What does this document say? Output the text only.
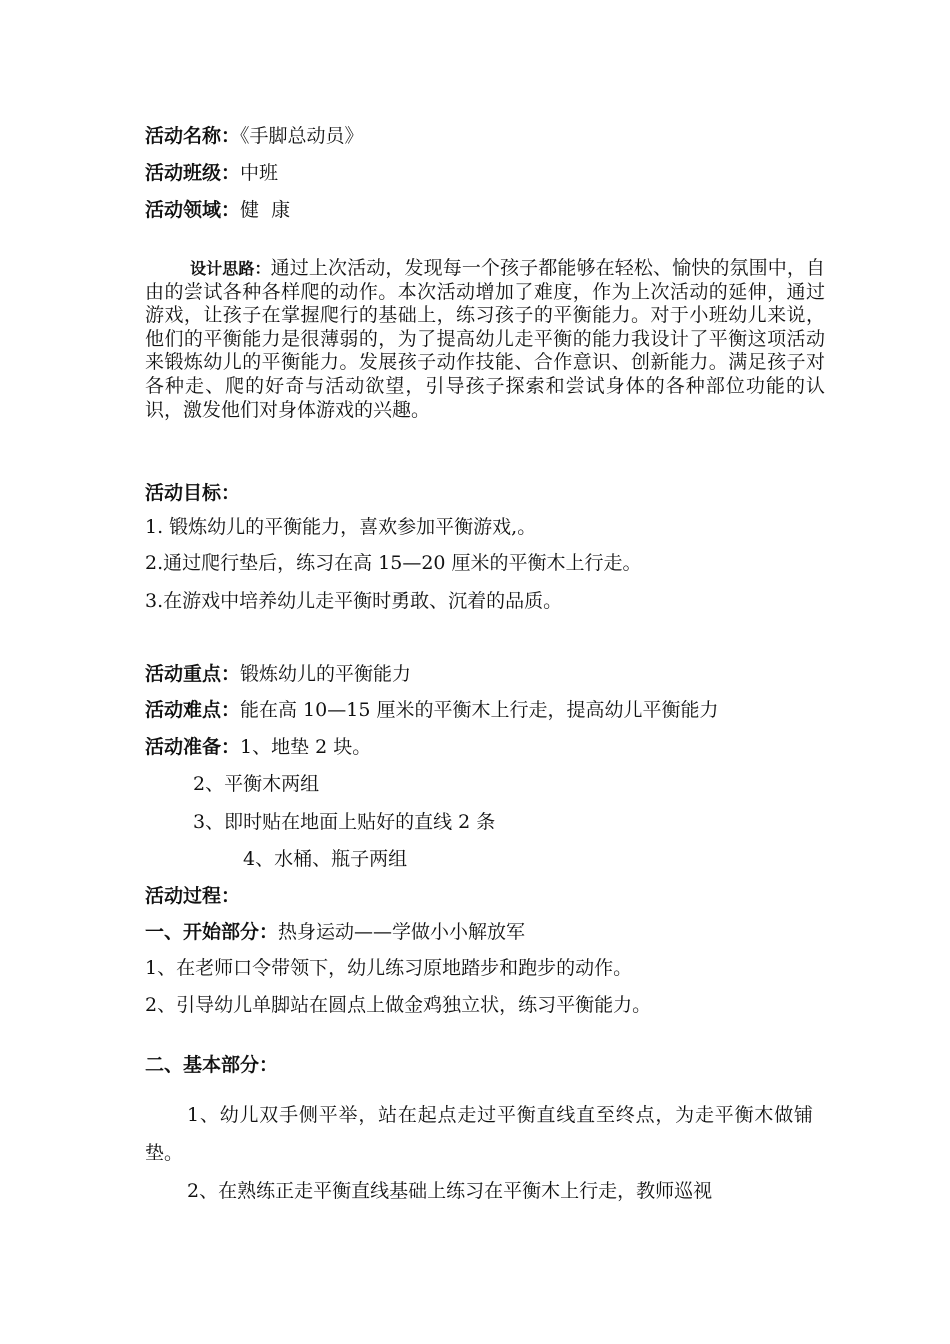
活动名称：《手脚总动员》
活动班级：中班
活动领域：健  康
设计思路：通过上次活动，发现每一个孩子都能够在轻松、愉快的氛围中，自由的尝试各种各样爬的动作。本次活动增加了难度，作为上次活动的延伸，通过游戏，让孩子在掌握爬行的基础上，练习孩子的平衡能力。对于小班幼儿来说，他们的平衡能力是很薄弱的，为了提高幼儿走平衡的能力我设计了平衡这项活动来锻炼幼儿的平衡能力。发展孩子动作技能、合作意识、创新能力。满足孩子对各种走、爬的好奇与活动欲望，引导孩子探索和尝试身体的各种部位功能的认识，激发他们对身体游戏的兴趣。
活动目标：
1. 锻炼幼儿的平衡能力，喜欢参加平衡游戏,。
2.通过爬行垫后，练习在高 15—20 厘米的平衡木上行走。
3.在游戏中培养幼儿走平衡时勇敢、沉着的品质。
活动重点：锻炼幼儿的平衡能力
活动难点：能在高 10—15 厘米的平衡木上行走，提高幼儿平衡能力
活动准备：1、地垫 2 块。
2、平衡木两组
3、即时贴在地面上贴好的直线 2 条
4、水桶、瓶子两组
活动过程：
一、开始部分：热身运动——学做小小解放军
1、在老师口令带领下，幼儿练习原地踏步和跑步的动作。
2、引导幼儿单脚站在圆点上做金鸡独立状，练习平衡能力。
二、基本部分：
1、幼儿双手侧平举，站在起点走过平衡直线直至终点，为走平衡木做铺垫。
2、在熟练正走平衡直线基础上练习在平衡木上行走，教师巡视
